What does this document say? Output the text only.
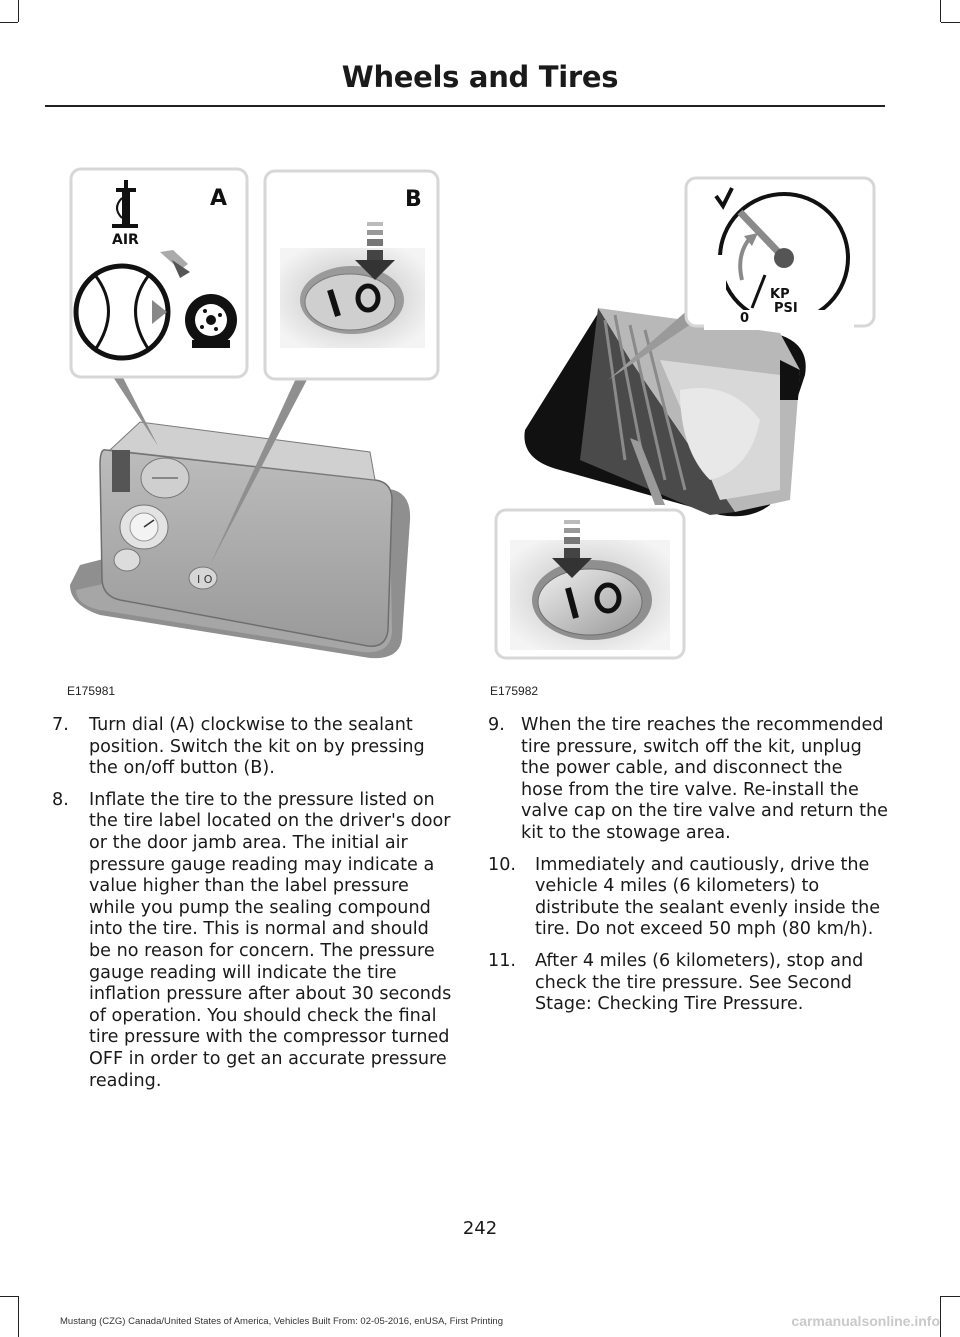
Wheels and Tires
I O
AIR
A	B
E175981
0
KP
PSI
E175982
7. Turn dial (A) clockwise to the sealant position. Switch the kit on by pressing the on/off button (B).
8. Inflate the tire to the pressure listed on the tire label located on the driver's door or the door jamb area. The initial air pressure gauge reading may indicate a value higher than the label pressure while you pump the sealing compound into the tire. This is normal and should be no reason for concern. The pressure gauge reading will indicate the tire inflation pressure after about 30 seconds of operation. You should check the final tire pressure with the compressor turned OFF in order to get an accurate pressure reading.
9. When the tire reaches the recommended tire pressure, switch off the kit, unplug the power cable, and disconnect the hose from the tire valve. Re-install the valve cap on the tire valve and return the kit to the stowage area.
10. Immediately and cautiously, drive the vehicle 4 miles (6 kilometers) to distribute the sealant evenly inside the tire. Do not exceed 50 mph (80 km/h).
11. After 4 miles (6 kilometers), stop and check the tire pressure. See Second Stage: Checking Tire Pressure.
242
Mustang (CZG) Canada/United States of America, Vehicles Built From: 02-05-2016, enUSA, First Printing	carmanualsonline.info
